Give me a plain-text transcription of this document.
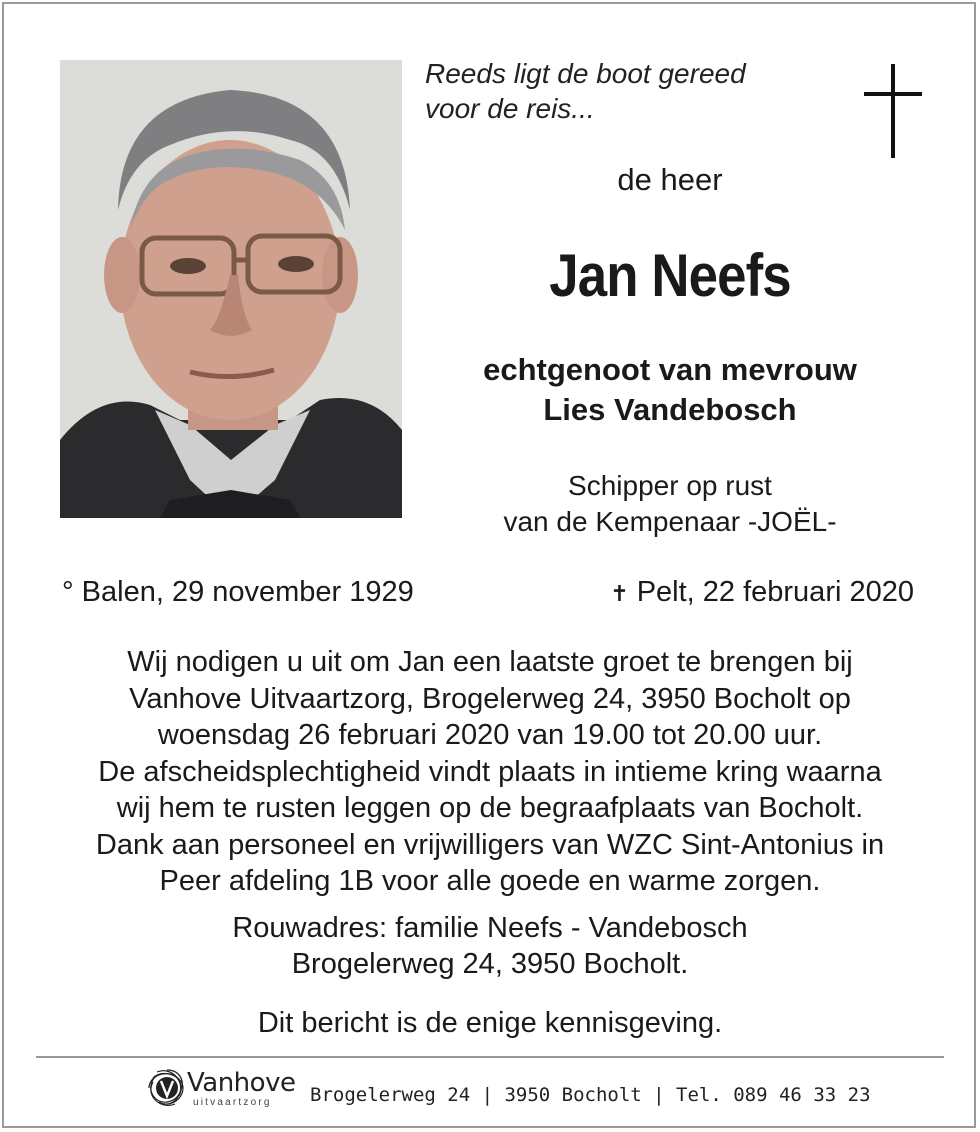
Reeds ligt de boot gereed
voor de reis...
de heer
Jan Neefs
echtgenoot van mevrouw
Lies Vandebosch
Schipper op rust
van de Kempenaar -JOËL-
° Balen, 29 november 1929	✝ Pelt, 22 februari 2020
Wij nodigen u uit om Jan een laatste groet te brengen bij
Vanhove Uitvaartzorg, Brogelerweg 24, 3950 Bocholt op
woensdag 26 februari 2020 van 19.00 tot 20.00 uur.
De afscheidsplechtigheid vindt plaats in intieme kring waarna
wij hem te rusten leggen op de begraafplaats van Bocholt.
Dank aan personeel en vrijwilligers van WZC Sint-Antonius in
Peer afdeling 1B voor alle goede en warme zorgen.
Rouwadres: familie Neefs - Vandebosch
Brogelerweg 24, 3950 Bocholt.
Dit bericht is de enige kennisgeving.
Vanhove
uitvaartzorg Brogelerweg 24 | 3950 Bocholt | Tel. 089 46 33 23
